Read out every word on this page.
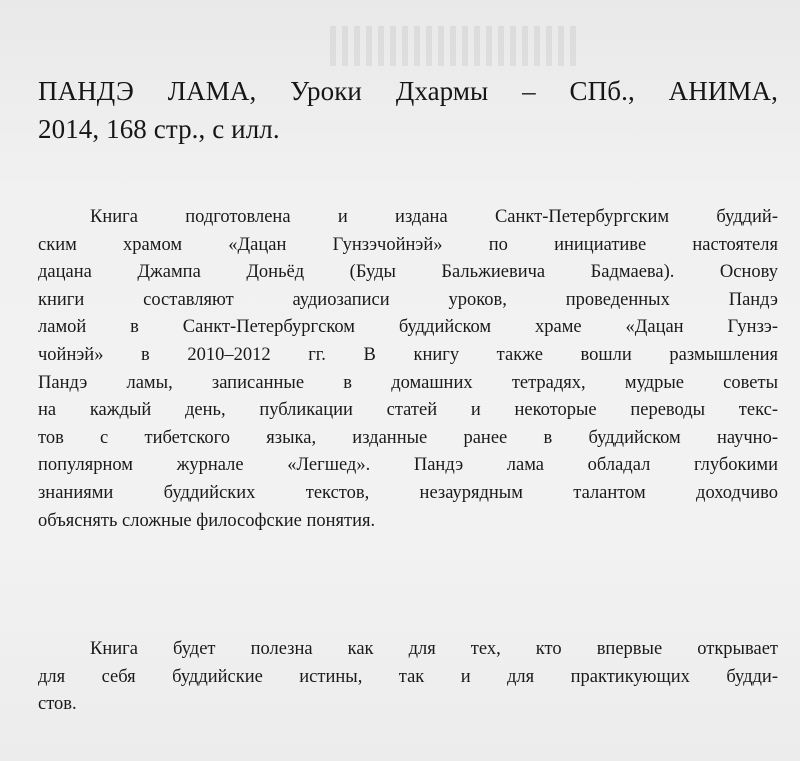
ПАНДЭ ЛАМА, Уроки Дхармы – СПб., АНИМА,
2014, 168 стр., с илл.
Книга подготовлена и издана Санкт-Петербургским буддий-
ским храмом «Дацан Гунзэчойнэй» по инициативе настоятеля
дацана Джампа Доньёд (Буды Бальжиевича Бадмаева). Основу
книги составляют аудиозаписи уроков, проведенных Пандэ
ламой в Санкт-Петербургском буддийском храме «Дацан Гунзэ-
чойнэй» в 2010–2012 гг. В книгу также вошли размышления
Пандэ ламы, записанные в домашних тетрадях, мудрые советы
на каждый день, публикации статей и некоторые переводы текс-
тов с тибетского языка, изданные ранее в буддийском научно-
популярном журнале «Легшед». Пандэ лама обладал глубокими
знаниями буддийских текстов, незаурядным талантом доходчиво
объяснять сложные философские понятия.
Книга будет полезна как для тех, кто впервые открывает
для себя буддийские истины, так и для практикующих будди-
стов.
